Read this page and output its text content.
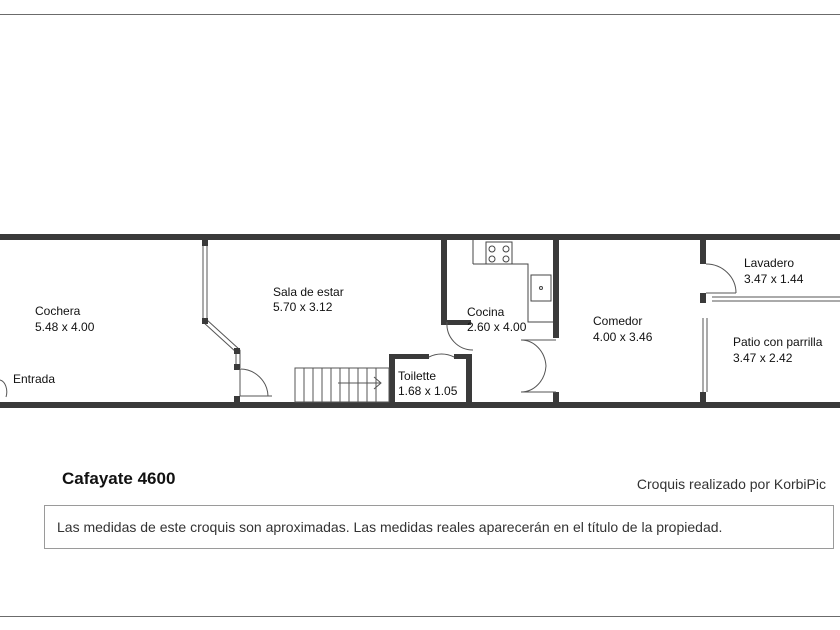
Cochera
5.48 x 4.00
Sala de estar
5.70 x 3.12	Cocina
2.60 x 4.00
Toilette
1.68 x 1.05
Comedor
4.00 x 3.46
Lavadero
3.47 x 1.44
Patio con parrilla
3.47 x 2.42
Entrada
Cafayate 4600	Croquis realizado por KorbiPic
Las medidas de este croquis son aproximadas. Las medidas reales aparecerán en el título de la propiedad.
